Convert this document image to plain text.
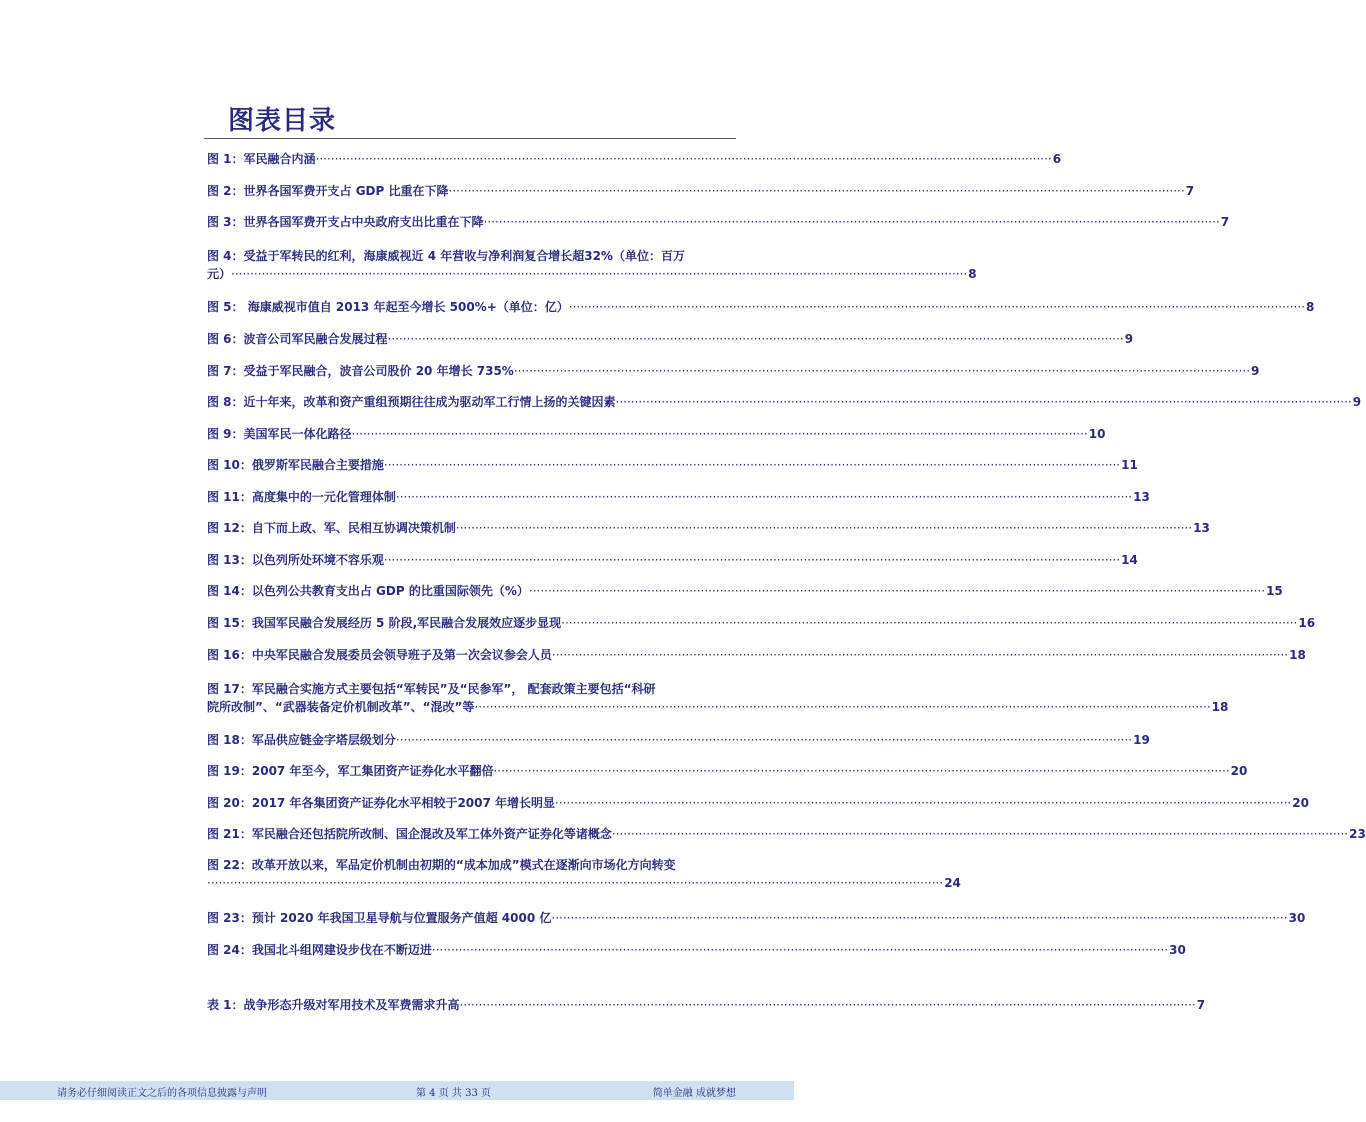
图表目录
图 1：军民融合内涵 ································································································································································································· 6
图 2：世界各国军费开支占 GDP 比重在下降 ································································································································································································· 7
图 3：世界各国军费开支占中央政府支出比重在下降 ································································································································································································· 7
图 4：受益于军转民的红利，海康威视近 4 年营收与净利润复合增长超32%（单位：百万
元） ································································································································································································· 8
图 5： 海康威视市值自 2013 年起至今增长 500%+（单位：亿） ································································································································································································· 8
图 6：波音公司军民融合发展过程 ································································································································································································· 9
图 7：受益于军民融合，波音公司股价 20 年增长 735% ································································································································································································· 9
图 8：近十年来，改革和资产重组预期往往成为驱动军工行情上扬的关键因素 ································································································································································································· 9
图 9：美国军民一体化路径 ································································································································································································· 10
图 10：俄罗斯军民融合主要措施 ································································································································································································· 11
图 11：高度集中的一元化管理体制 ································································································································································································· 13
图 12：自下而上政、军、民相互协调决策机制 ································································································································································································· 13
图 13：以色列所处环境不容乐观 ································································································································································································· 14
图 14：以色列公共教育支出占 GDP 的比重国际领先（%） ································································································································································································· 15
图 15：我国军民融合发展经历 5 阶段,军民融合发展效应逐步显现 ································································································································································································· 16
图 16：中央军民融合发展委员会领导班子及第一次会议参会人员 ································································································································································································· 18
图 17：军民融合实施方式主要包括“军转民”及“民参军”， 配套政策主要包括“科研
院所改制”、“武器装备定价机制改革”、“混改”等 ································································································································································································· 18
图 18：军品供应链金字塔层级划分 ································································································································································································· 19
图 19：2007 年至今，军工集团资产证券化水平翻倍 ································································································································································································· 20
图 20：2017 年各集团资产证券化水平相较于2007 年增长明显 ································································································································································································· 20
图 21：军民融合还包括院所改制、国企混改及军工体外资产证券化等诸概念 ································································································································································································· 23
图 22：改革开放以来，军品定价机制由初期的“成本加成”模式在逐渐向市场化方向转变
································································································································································································· 24
图 23：预计 2020 年我国卫星导航与位置服务产值超 4000 亿 ································································································································································································· 30
图 24：我国北斗组网建设步伐在不断迈进 ································································································································································································· 30
表 1：战争形态升级对军用技术及军费需求升高 ································································································································································································· 7
请务必仔细阅读正文之后的各项信息披露与声明	第 4 页 共 33 页	简单金融 成就梦想
